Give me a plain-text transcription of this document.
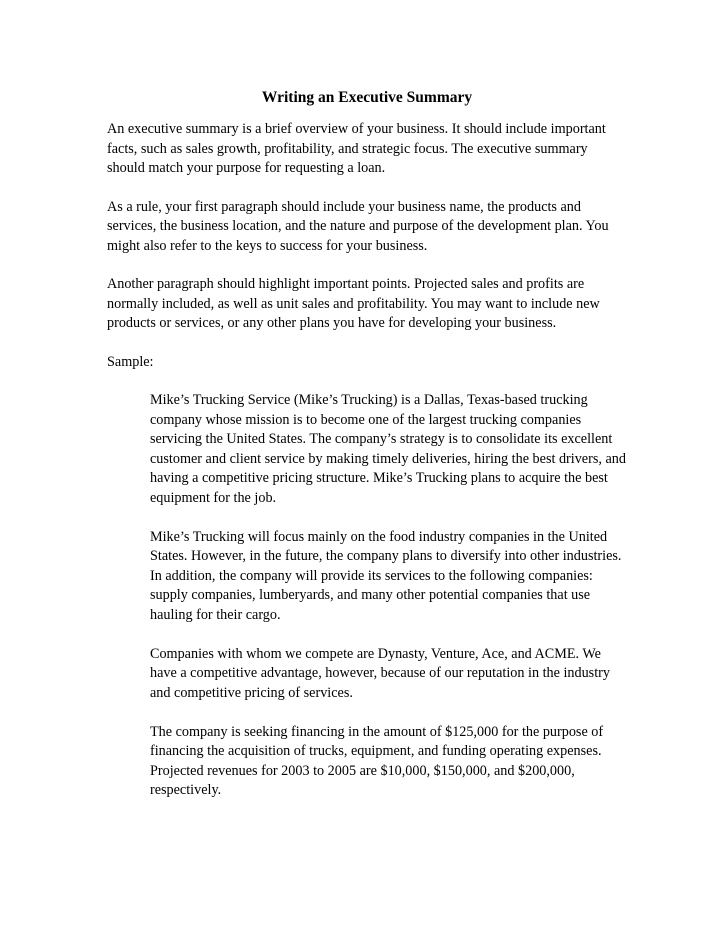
Writing an Executive Summary

An executive summary is a brief overview of your business. It should include important facts, such as sales growth, profitability, and strategic focus. The executive summary should match your purpose for requesting a loan.

As a rule, your first paragraph should include your business name, the products and services, the business location, and the nature and purpose of the development plan. You might also refer to the keys to success for your business.

Another paragraph should highlight important points. Projected sales and profits are normally included, as well as unit sales and profitability. You may want to include new products or services, or any other plans you have for developing your business.

Sample:

Mike’s Trucking Service (Mike’s Trucking) is a Dallas, Texas-based trucking company whose mission is to become one of the largest trucking companies servicing the United States. The company’s strategy is to consolidate its excellent customer and client service by making timely deliveries, hiring the best drivers, and having a competitive pricing structure. Mike’s Trucking plans to acquire the best equipment for the job.

Mike’s Trucking will focus mainly on the food industry companies in the United States. However, in the future, the company plans to diversify into other industries. In addition, the company will provide its services to the following companies: supply companies, lumberyards, and many other potential companies that use hauling for their cargo.

Companies with whom we compete are Dynasty, Venture, Ace, and ACME. We have a competitive advantage, however, because of our reputation in the industry and competitive pricing of services.

The company is seeking financing in the amount of $125,000 for the purpose of financing the acquisition of trucks, equipment, and funding operating expenses. Projected revenues for 2003 to 2005 are $10,000, $150,000, and $200,000, respectively.
